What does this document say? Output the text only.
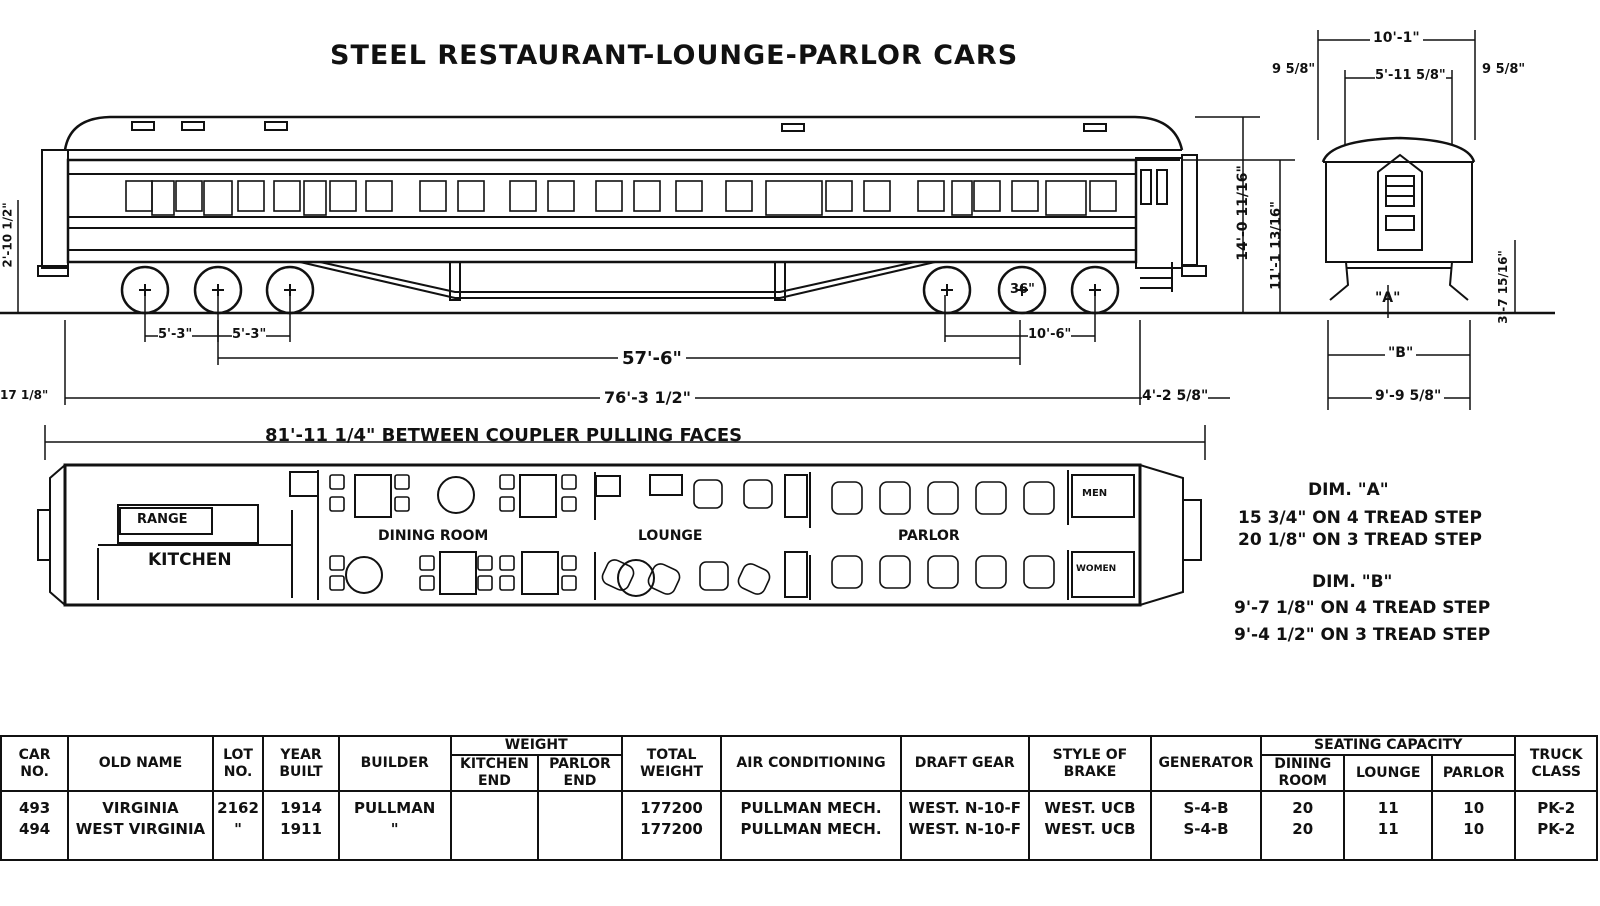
STEEL RESTAURANT-LOUNGE-PARLOR CARS
81'-11 1/4" BETWEEN COUPLER PULLING FACES
76'-3 1/2"
57'-6"
5'-3"	5'-3"	10'-6"
36"
4'-2 5/8"
17 1/8"
14'-0 11/16" 11'-1 13/16"
2'-10 1/2"
3'-7 15/16"
10'-1"
9 5/8"	5'-11 5/8"	9 5/8"
9'-9 5/8"
"A"
"B"
RANGE
KITCHEN
DINING ROOM	LOUNGE	PARLOR
MEN
WOMEN
DIM. "A"
15 3/4" ON 4 TREAD STEP
20 1/8" ON 3 TREAD STEP
DIM. "B"
9'-7 1/8" ON 4 TREAD STEP
9'-4 1/2" ON 3 TREAD STEP
CAR NO.	OLD NAME	LOT NO.	YEAR BUILT	BUILDER	WEIGHT		TOTAL WEIGHT	AIR CONDITIONING	DRAFT GEAR	STYLE OF BRAKE	GENERATOR	SEATING CAPACITY			TRUCK CLASS
					KITCHEN END	PARLOR END						DINING ROOM	LOUNGE	PARLOR	
493	VIRGINIA	2162	1914	PULLMAN			177200	PULLMAN MECH.	WEST. N-10-F	WEST. UCB	S-4-B	20	11	10	PK-2
494	WEST VIRGINIA	"	1911	"			177200	PULLMAN MECH.	WEST. N-10-F	WEST. UCB	S-4-B	20	11	10	PK-2
